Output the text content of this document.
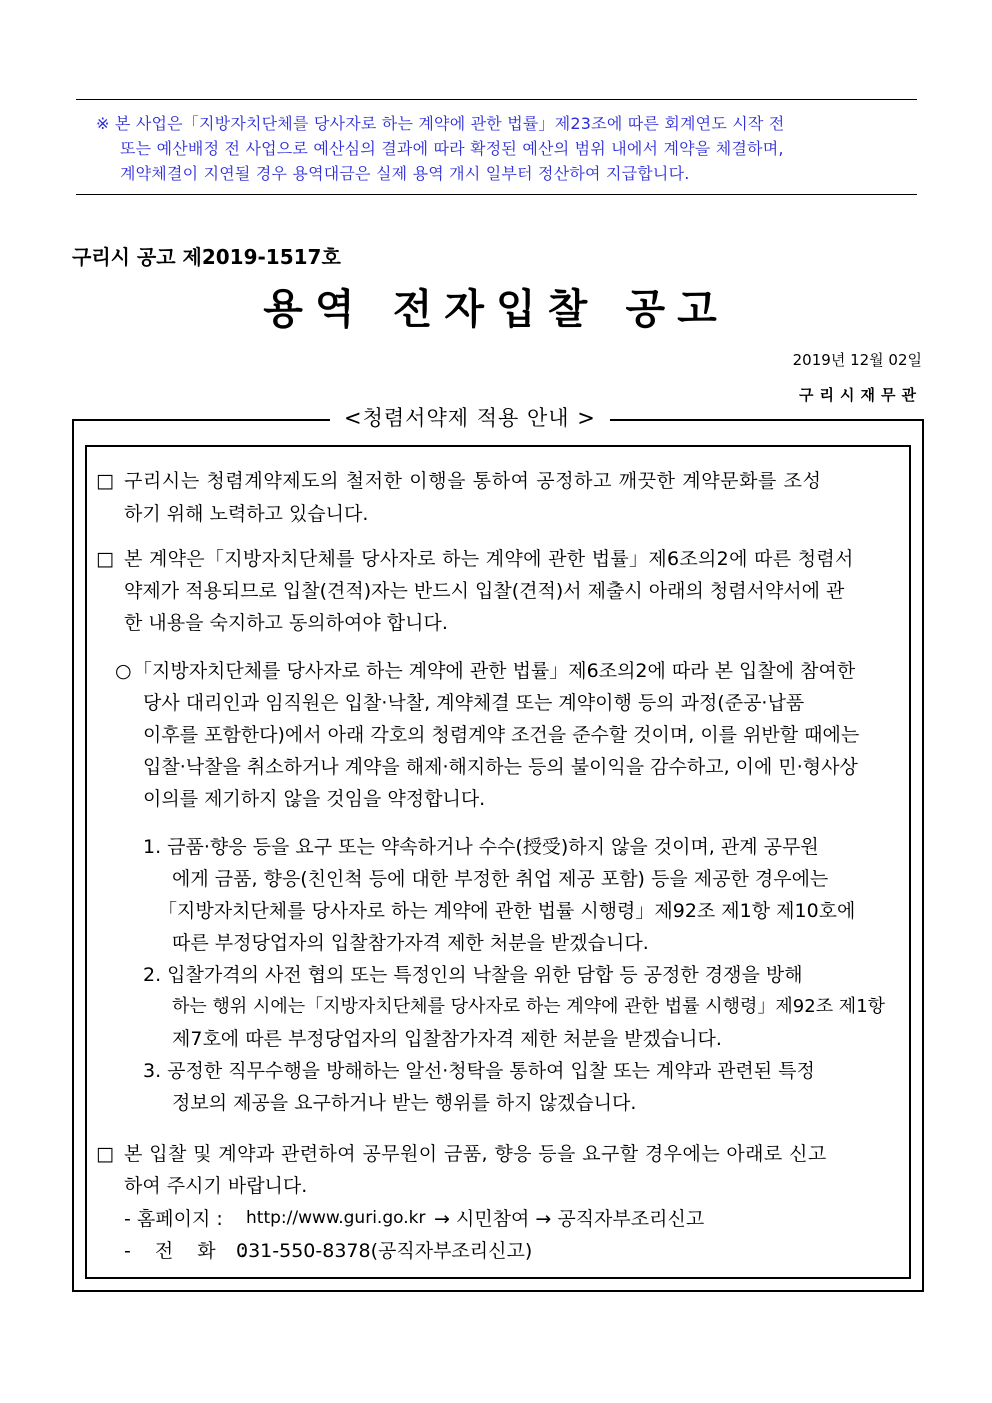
※ 본 사업은「지방자치단체를 당사자로 하는 계약에 관한 법률」제23조에 따른 회계연도 시작 전
또는 예산배정 전 사업으로 예산심의 결과에 따라 확정된 예산의 범위 내에서 계약을 체결하며,
계약체결이 지연될 경우 용역대금은 실제 용역 개시 일부터 정산하여 지급합니다.
구리시 공고 제2019-1517호
용역 전자입찰 공고
2019년 12월 02일
구리시재무관
<청렴서약제 적용 안내 >
□ 구리시는 청렴계약제도의 철저한 이행을 통하여 공정하고 깨끗한 계약문화를 조성
하기 위해 노력하고 있습니다.
□ 본 계약은「지방자치단체를 당사자로 하는 계약에 관한 법률」제6조의2에 따른 청렴서
약제가 적용되므로 입찰(견적)자는 반드시 입찰(견적)서 제출시 아래의 청렴서약서에 관
한 내용을 숙지하고 동의하여야 합니다.
○ 「지방자치단체를 당사자로 하는 계약에 관한 법률」제6조의2에 따라 본 입찰에 참여한
당사 대리인과 임직원은 입찰·낙찰, 계약체결 또는 계약이행 등의 과정(준공·납품
이후를 포함한다)에서 아래 각호의 청렴계약 조건을 준수할 것이며, 이를 위반할 때에는
입찰·낙찰을 취소하거나 계약을 해제·해지하는 등의 불이익을 감수하고, 이에 민·형사상
이의를 제기하지 않을 것임을 약정합니다.
1. 금품·향응 등을 요구 또는 약속하거나 수수(授受)하지 않을 것이며, 관계 공무원
에게 금품, 향응(친인척 등에 대한 부정한 취업 제공 포함) 등을 제공한 경우에는
「지방자치단체를 당사자로 하는 계약에 관한 법률 시행령」제92조 제1항 제10호에
따른 부정당업자의 입찰참가자격 제한 처분을 받겠습니다.
2. 입찰가격의 사전 협의 또는 특정인의 낙찰을 위한 담합 등 공정한 경쟁을 방해
하는 행위 시에는「지방자치단체를 당사자로 하는 계약에 관한 법률 시행령」제92조 제1항
제7호에 따른 부정당업자의 입찰참가자격 제한 처분을 받겠습니다.
3. 공정한 직무수행을 방해하는 알선·청탁을 통하여 입찰 또는 계약과 관련된 특정
정보의 제공을 요구하거나 받는 행위를 하지 않겠습니다.
□ 본 입찰 및 계약과 관련하여 공무원이 금품, 향응 등을 요구할 경우에는 아래로 신고
하여 주시기 바랍니다.
- 홈페이지 : http://www.guri.go.kr → 시민참여 → 공직자부조리신고
- 전 화 :
031-550-8378(공직자부조리신고)
